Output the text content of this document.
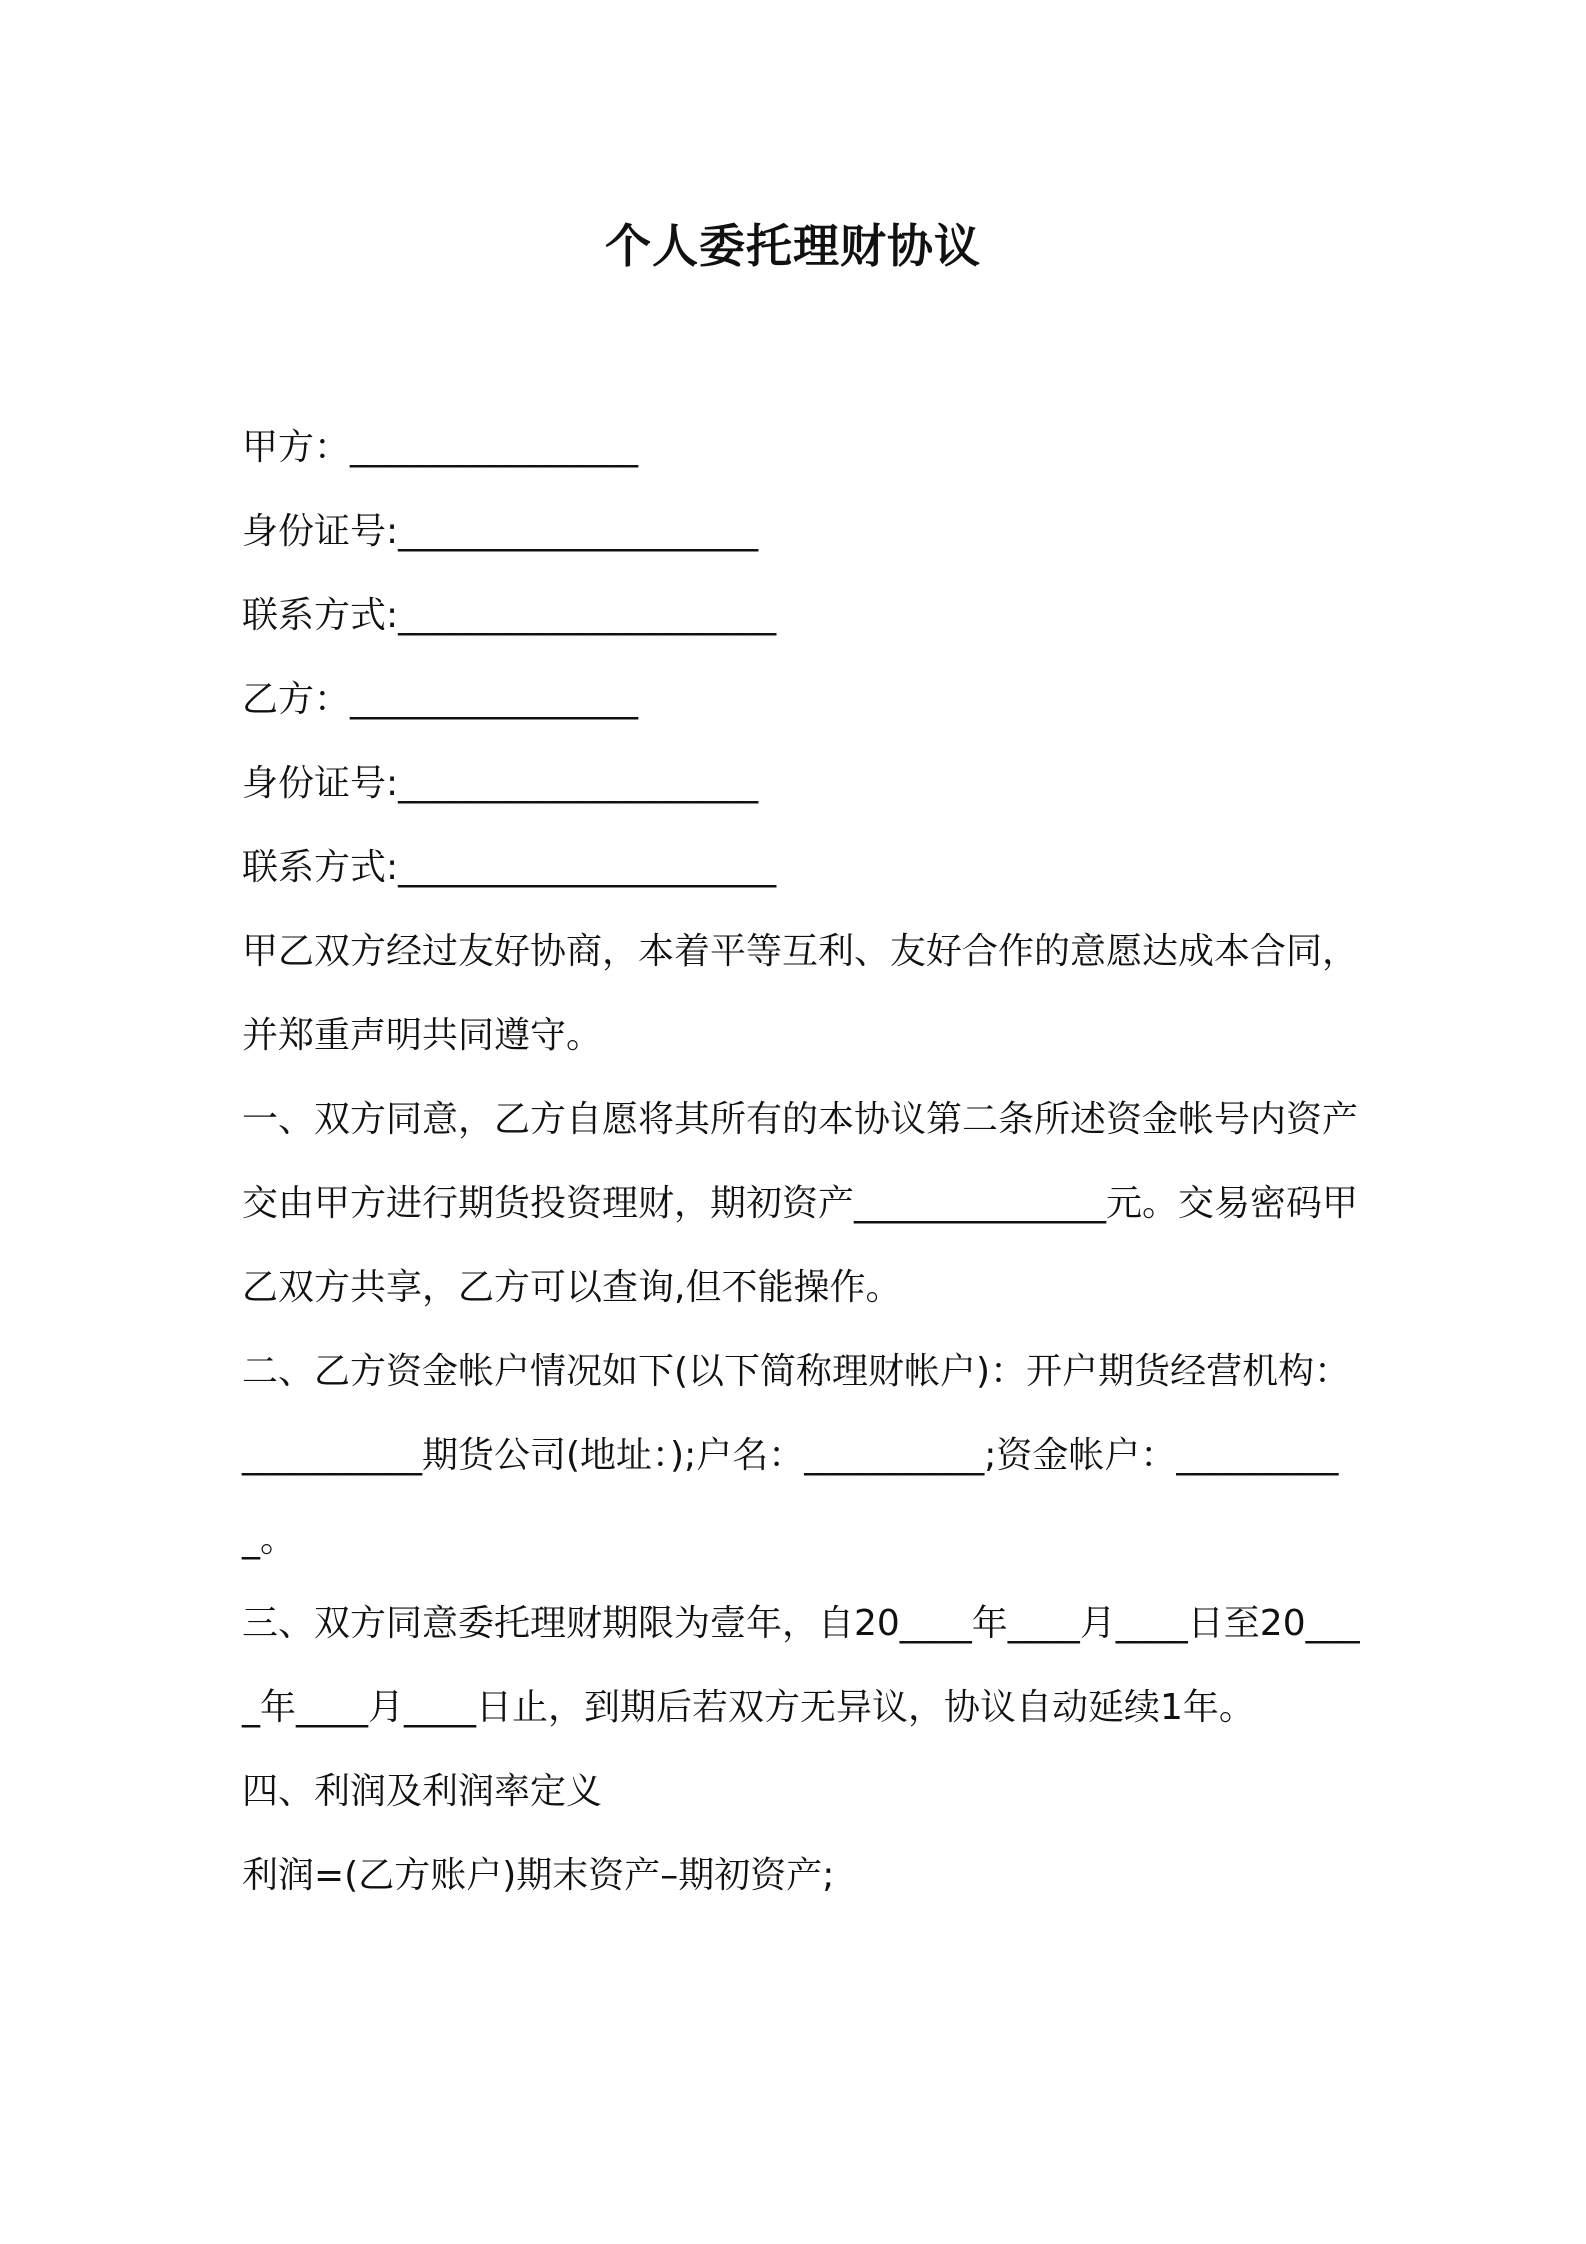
个人委托理财协议
甲方：________________
身份证号:____________________
联系方式:_____________________
乙方：________________
身份证号:____________________
联系方式:_____________________
甲乙双方经过友好协商，本着平等互利、友好合作的意愿达成本合同，并郑重声明共同遵守。
一、双方同意，乙方自愿将其所有的本协议第二条所述资金帐号内资产交由甲方进行期货投资理财，期初资产______________元。交易密码甲乙双方共享，乙方可以查询,但不能操作。
二、乙方资金帐户情况如下(以下简称理财帐户)：开户期货经营机构：__________期货公司(地址：);户名：__________;资金帐户：__________。
三、双方同意委托理财期限为壹年，自20____年____月____日至20____年____月____日止，到期后若双方无异议，协议自动延续1年。
四、利润及利润率定义
利润=(乙方账户)期末资产–期初资产;
